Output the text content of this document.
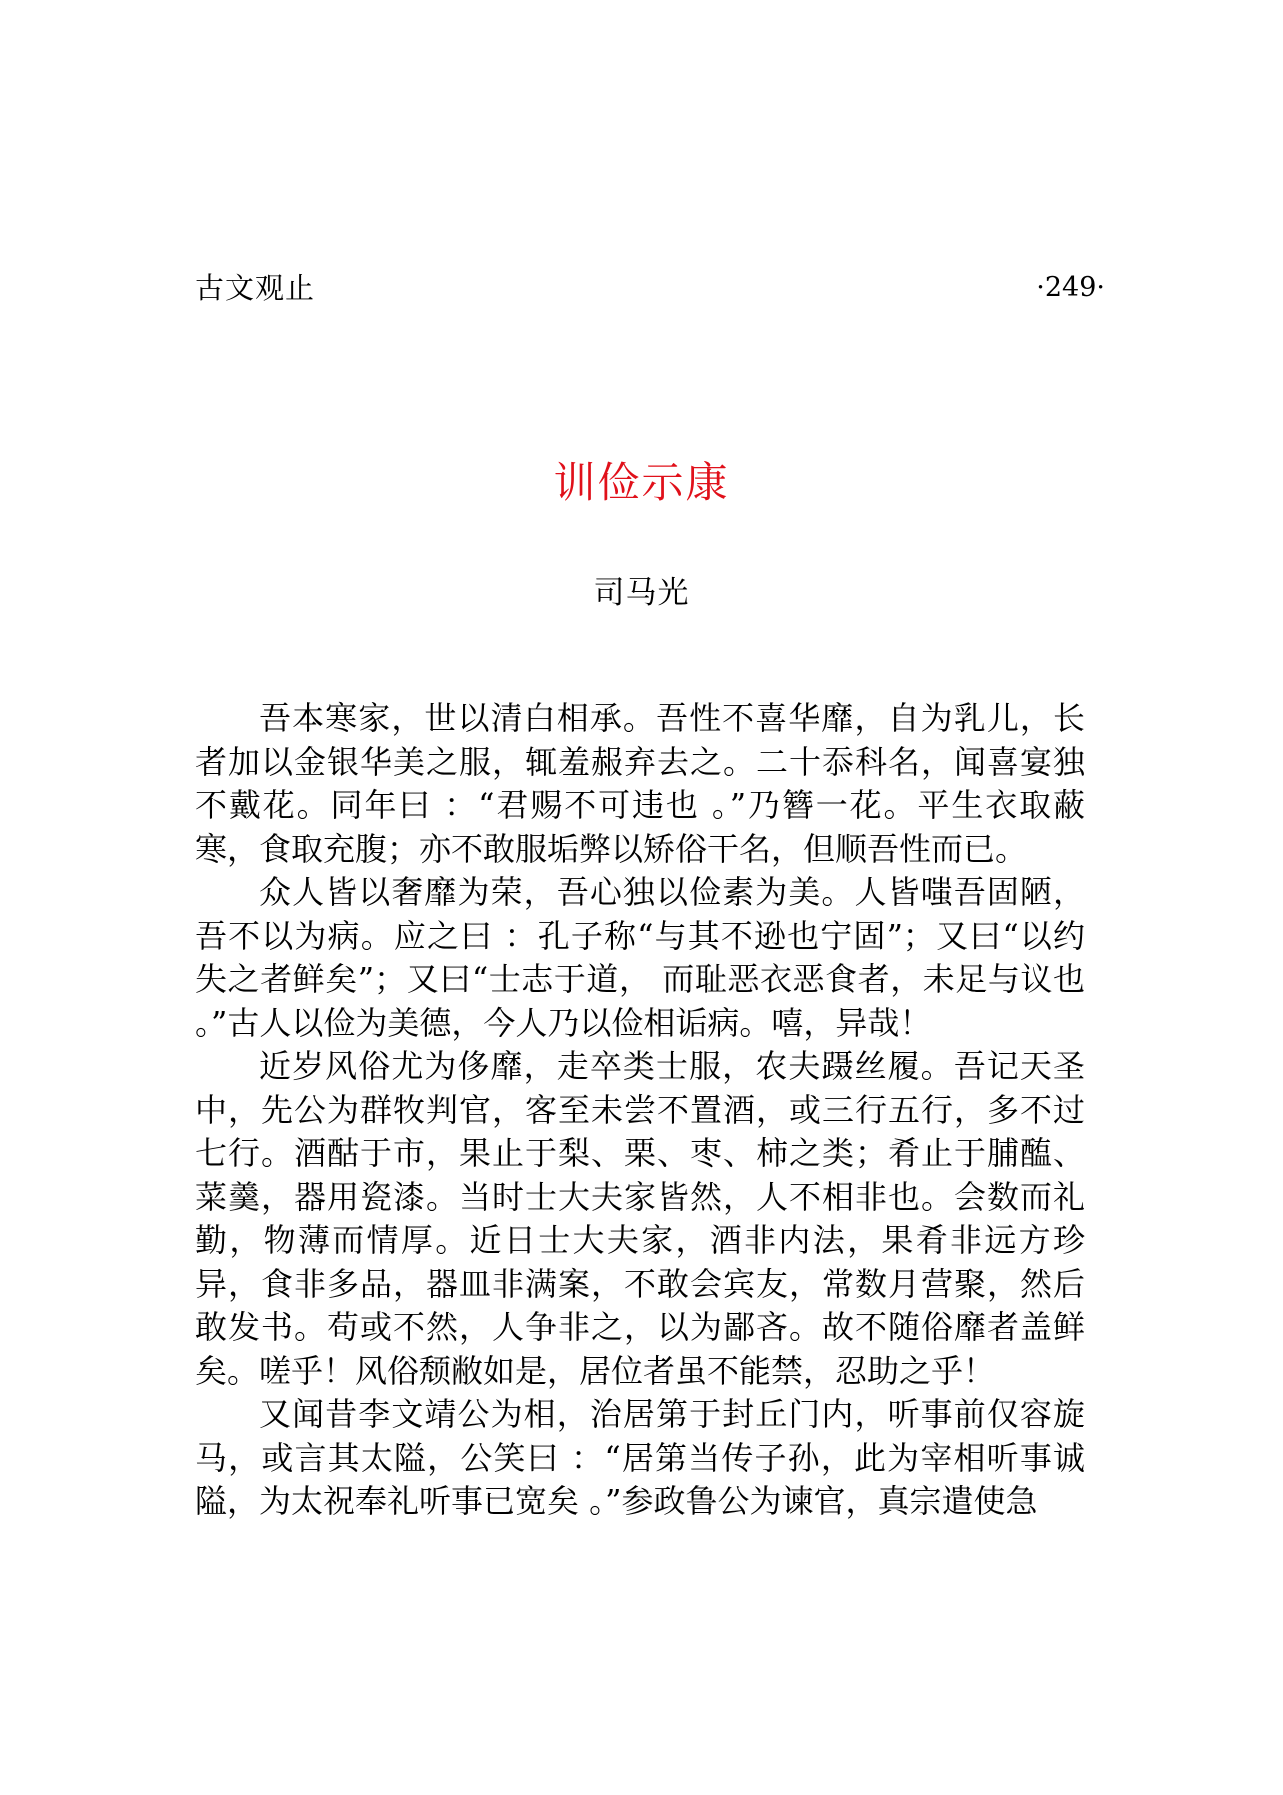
古文观止	·249·
训俭示康
司马光

吾本寒家，世以清白相承。吾性不喜华靡，自为乳儿，长者加以金银华美之服，辄羞赧弃去之。二十忝科名，闻喜宴独不戴花。同年曰 ：“君赐不可违也 。”乃簪一花。平生衣取蔽寒，食取充腹；亦不敢服垢弊以矫俗干名，但顺吾性而已。

众人皆以奢靡为荣，吾心独以俭素为美。人皆嗤吾固陋，吾不以为病。应之曰 ：孔子称“与其不逊也宁固”；又曰“以约失之者鲜矣”；又曰“士志于道， 而耻恶衣恶食者，未足与议也 。”古人以俭为美德，今人乃以俭相诟病。嘻，异哉！

近岁风俗尤为侈靡，走卒类士服，农夫蹑丝履。吾记天圣中，先公为群牧判官，客至未尝不置酒，或三行五行，多不过七行。酒酤于市，果止于梨、栗、枣、柿之类；肴止于脯醢、菜羹，器用瓷漆。当时士大夫家皆然，人不相非也。会数而礼勤，物薄而情厚。近日士大夫家，酒非内法，果肴非远方珍异，食非多品，器皿非满案，不敢会宾友，常数月营聚，然后敢发书。苟或不然，人争非之，以为鄙吝。故不随俗靡者盖鲜矣。嗟乎！风俗颓敝如是，居位者虽不能禁，忍助之乎！

又闻昔李文靖公为相，治居第于封丘门内，听事前仅容旋马，或言其太隘，公笑曰 ：“居第当传子孙，此为宰相听事诚隘，为太祝奉礼听事已宽矣 。”参政鲁公为谏官，真宗遣使急
